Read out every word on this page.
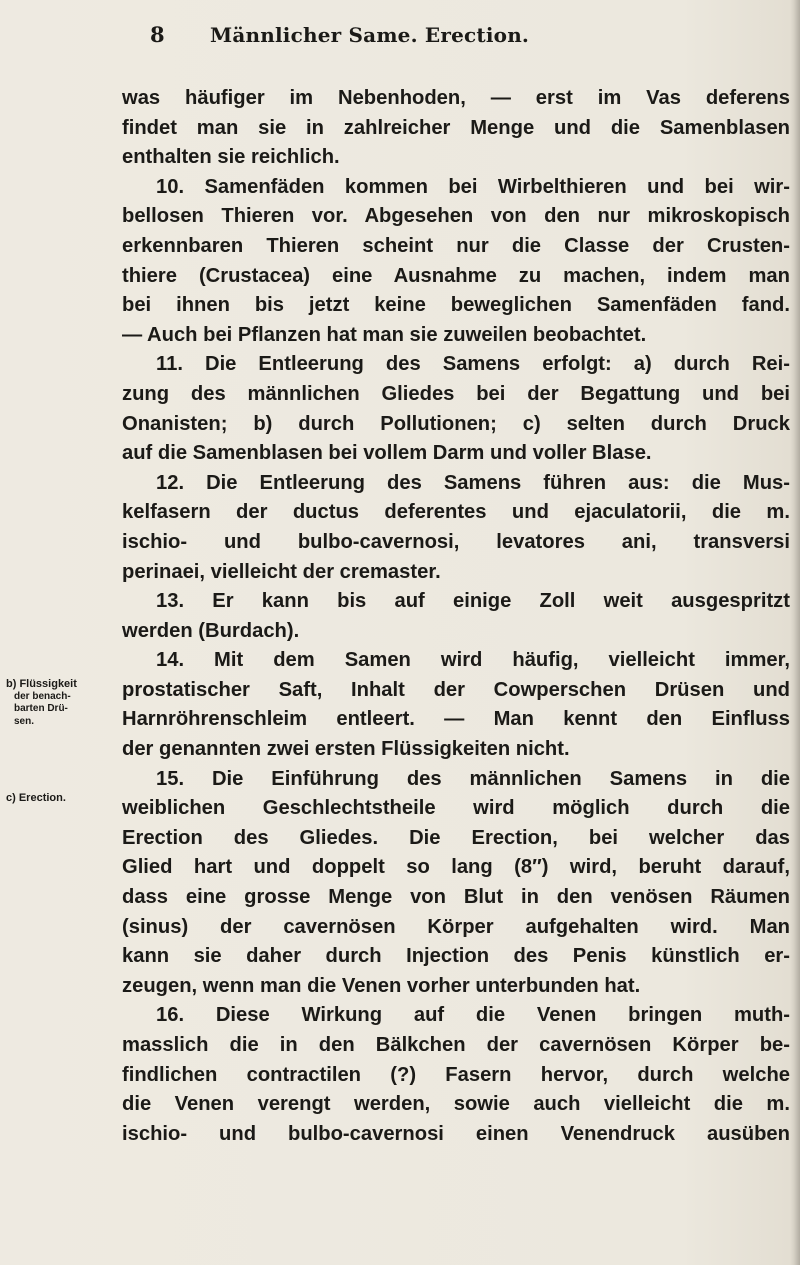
8 Männlicher Same. Erection.
b) Flüssigkeit
der benach-
barten Drü-
sen.
c) Erection.
was häufiger im Nebenhoden, — erst im Vas deferens
findet man sie in zahlreicher Menge und die Samenblasen
enthalten sie reichlich.
10. Samenfäden kommen bei Wirbelthieren und bei wir-
bellosen Thieren vor. Abgesehen von den nur mikroskopisch
erkennbaren Thieren scheint nur die Classe der Crusten-
thiere (Crustacea) eine Ausnahme zu machen, indem man
bei ihnen bis jetzt keine beweglichen Samenfäden fand.
— Auch bei Pflanzen hat man sie zuweilen beobachtet.
11. Die Entleerung des Samens erfolgt: a) durch Rei-
zung des männlichen Gliedes bei der Begattung und bei
Onanisten; b) durch Pollutionen; c) selten durch Druck
auf die Samenblasen bei vollem Darm und voller Blase.
12. Die Entleerung des Samens führen aus: die Mus-
kelfasern der ductus deferentes und ejaculatorii, die m.
ischio- und bulbo-cavernosi, levatores ani, transversi
perinaei, vielleicht der cremaster.
13. Er kann bis auf einige Zoll weit ausgespritzt
werden (Burdach).
14. Mit dem Samen wird häufig, vielleicht immer,
prostatischer Saft, Inhalt der Cowperschen Drüsen und
Harnröhrenschleim entleert. — Man kennt den Einfluss
der genannten zwei ersten Flüssigkeiten nicht.
15. Die Einführung des männlichen Samens in die
weiblichen Geschlechtstheile wird möglich durch die
Erection des Gliedes. Die Erection, bei welcher das
Glied hart und doppelt so lang (8″) wird, beruht darauf,
dass eine grosse Menge von Blut in den venösen Räumen
(sinus) der cavernösen Körper aufgehalten wird. Man
kann sie daher durch Injection des Penis künstlich er-
zeugen, wenn man die Venen vorher unterbunden hat.
16. Diese Wirkung auf die Venen bringen muth-
masslich die in den Bälkchen der cavernösen Körper be-
findlichen contractilen (?) Fasern hervor, durch welche
die Venen verengt werden, sowie auch vielleicht die m.
ischio- und bulbo-cavernosi einen Venendruck ausüben
